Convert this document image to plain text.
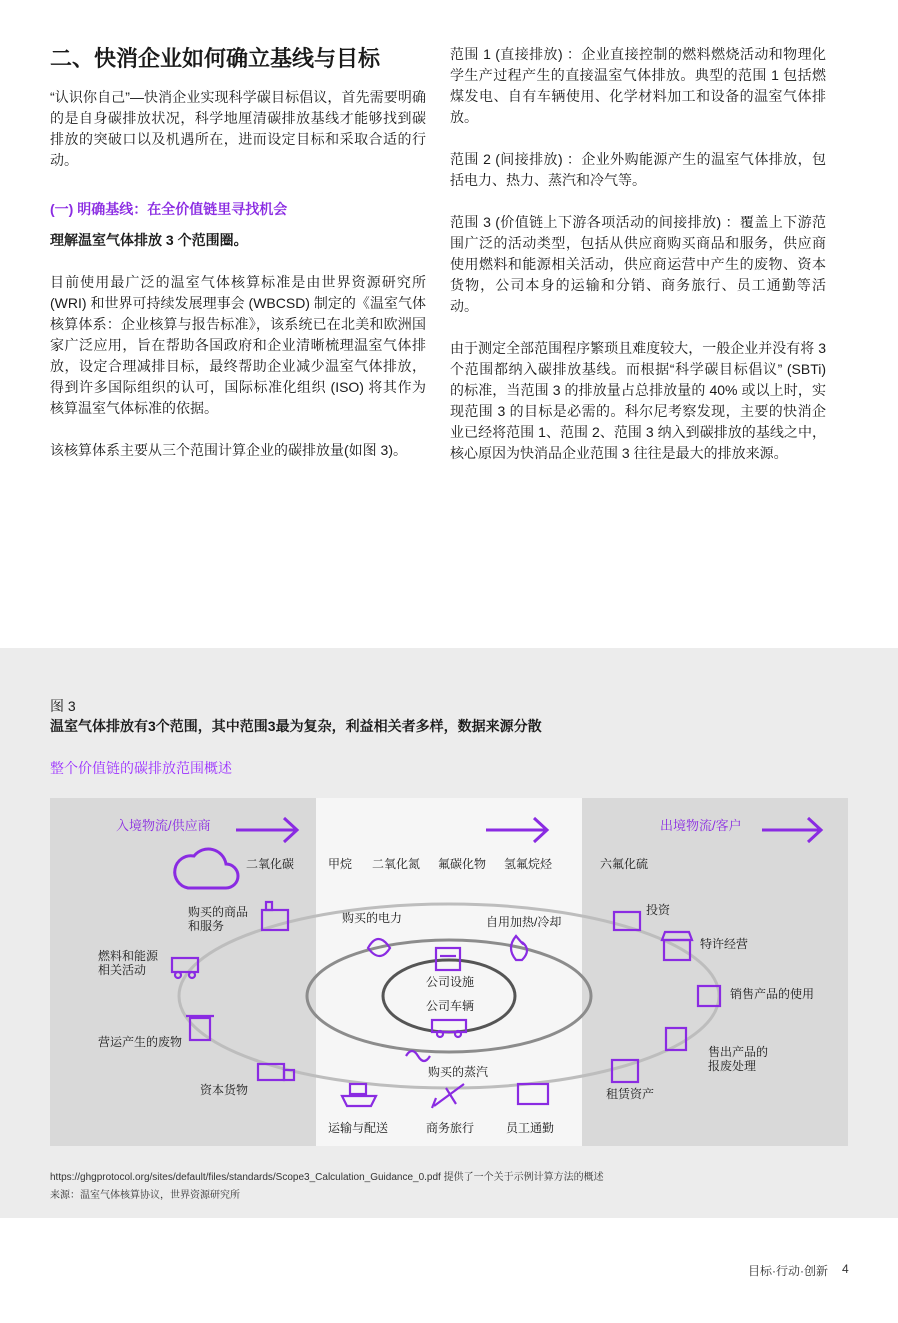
二、快消企业如何确立基线与目标
“认识你自己”—快消企业实现科学碳目标倡议，首先需要明确的是自身碳排放状况，科学地厘清碳排放基线才能够找到碳排放的突破口以及机遇所在，进而设定目标和采取合适的行动。
(一) 明确基线：在全价值链里寻找机会
理解温室气体排放 3 个范围圈。
目前使用最广泛的温室气体核算标准是由世界资源研究所 (WRI) 和世界可持续发展理事会 (WBCSD) 制定的《温室气体核算体系：企业核算与报告标准》，该系统已在北美和欧洲国家广泛应用，旨在帮助各国政府和企业清晰梳理温室气体排放，设定合理减排目标，最终帮助企业减少温室气体排放，得到许多国际组织的认可，国际标准化组织 (ISO) 将其作为核算温室气体标准的依据。
该核算体系主要从三个范围计算企业的碳排放量(如图 3)。
范围 1 (直接排放) ：企业直接控制的燃料燃烧活动和物理化学生产过程产生的直接温室气体排放。典型的范围 1 包括燃煤发电、自有车辆使用、化学材料加工和设备的温室气体排放。
范围 2 (间接排放) ：企业外购能源产生的温室气体排放，包括电力、热力、蒸汽和冷气等。
范围 3 (价值链上下游各项活动的间接排放) ：覆盖上下游范围广泛的活动类型，包括从供应商购买商品和服务，供应商使用燃料和能源相关活动，供应商运营中产生的废物、资本货物，公司本身的运输和分销、商务旅行、员工通勤等活动。
由于测定全部范围程序繁琐且难度较大，一般企业并没有将 3 个范围都纳入碳排放基线。而根据“科学碳目标倡议” (SBTi) 的标准，当范围 3 的排放量占总排放量的 40% 或以上时，实现范围 3 的目标是必需的。科尔尼考察发现，主要的快消企业已经将范围 1、范围 2、范围 3 纳入到碳排放的基线之中，核心原因为快消品企业范围 3 往往是最大的排放来源。
图 3
温室气体排放有3个范围，其中范围3最为复杂，利益相关者多样，数据来源分散
整个价值链的碳排放范围概述
入境物流/供应商	出境物流/客户
二氧化碳	甲烷 二氧化氮 氟碳化物 氢氟烷烃	六氟化硫
购买的商品和服务
燃料和能源相关活动
营运产生的废物
资本货物
运输与配送	商务旅行	员工通勤
购买的电力	自用加热/冷却
购买的蒸汽
公司设施
公司车辆
投资
特许经营
销售产品的使用
售出产品的报废处理
租赁资产
https://ghgprotocol.org/sites/default/files/standards/Scope3_Calculation_Guidance_0.pdf 提供了一个关于示例计算方法的概述
来源：温室气体核算协议，世界资源研究所
目标·行动·创新 4
